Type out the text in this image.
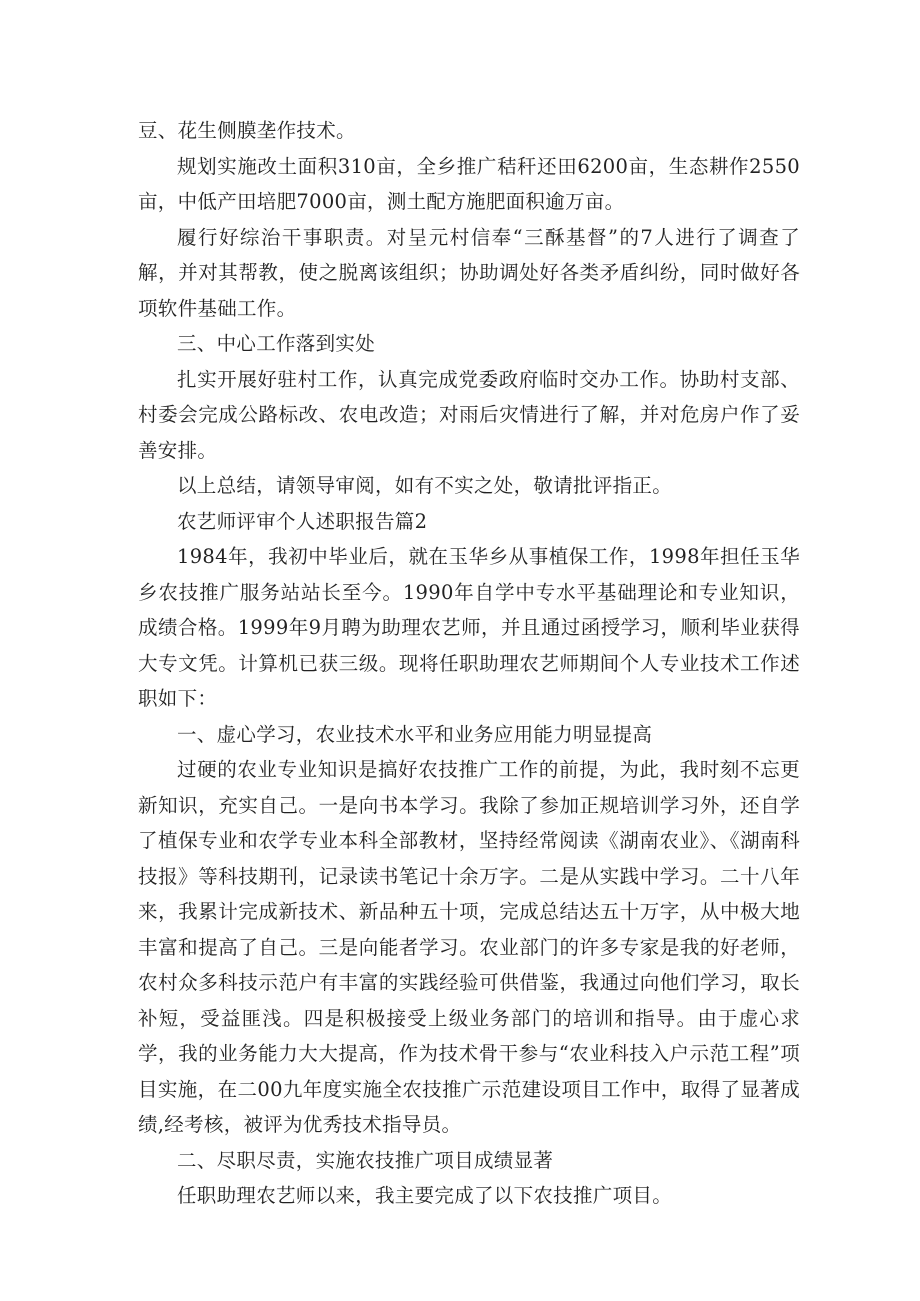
豆、花生侧膜垄作技术。

规划实施改土面积310亩，全乡推广秸秆还田6200亩，生态耕作2550亩，中低产田培肥7000亩，测土配方施肥面积逾万亩。

履行好综治干事职责。对呈元村信奉“三酥基督”的7人进行了调查了解，并对其帮教，使之脱离该组织；协助调处好各类矛盾纠纷，同时做好各项软件基础工作。

三、中心工作落到实处

扎实开展好驻村工作，认真完成党委政府临时交办工作。协助村支部、村委会完成公路标改、农电改造；对雨后灾情进行了解，并对危房户作了妥善安排。

以上总结，请领导审阅，如有不实之处，敬请批评指正。

农艺师评审个人述职报告篇2

1984年，我初中毕业后，就在玉华乡从事植保工作，1998年担任玉华乡农技推广服务站站长至今。1990年自学中专水平基础理论和专业知识，成绩合格。1999年9月聘为助理农艺师，并且通过函授学习，顺利毕业获得大专文凭。计算机已获三级。现将任职助理农艺师期间个人专业技术工作述职如下：

一、虚心学习，农业技术水平和业务应用能力明显提高

过硬的农业专业知识是搞好农技推广工作的前提，为此，我时刻不忘更新知识，充实自己。一是向书本学习。我除了参加正规培训学习外，还自学了植保专业和农学专业本科全部教材，坚持经常阅读《湖南农业》、《湖南科技报》等科技期刊，记录读书笔记十余万字。二是从实践中学习。二十八年来，我累计完成新技术、新品种五十项，完成总结达五十万字，从中极大地丰富和提高了自己。三是向能者学习。农业部门的许多专家是我的好老师，农村众多科技示范户有丰富的实践经验可供借鉴，我通过向他们学习，取长补短，受益匪浅。四是积极接受上级业务部门的培训和指导。由于虚心求学，我的业务能力大大提高，作为技术骨干参与“农业科技入户示范工程”项目实施，在二00九年度实施全农技推广示范建设项目工作中，取得了显著成绩,经考核，被评为优秀技术指导员。

二、尽职尽责，实施农技推广项目成绩显著

任职助理农艺师以来，我主要完成了以下农技推广项目。
